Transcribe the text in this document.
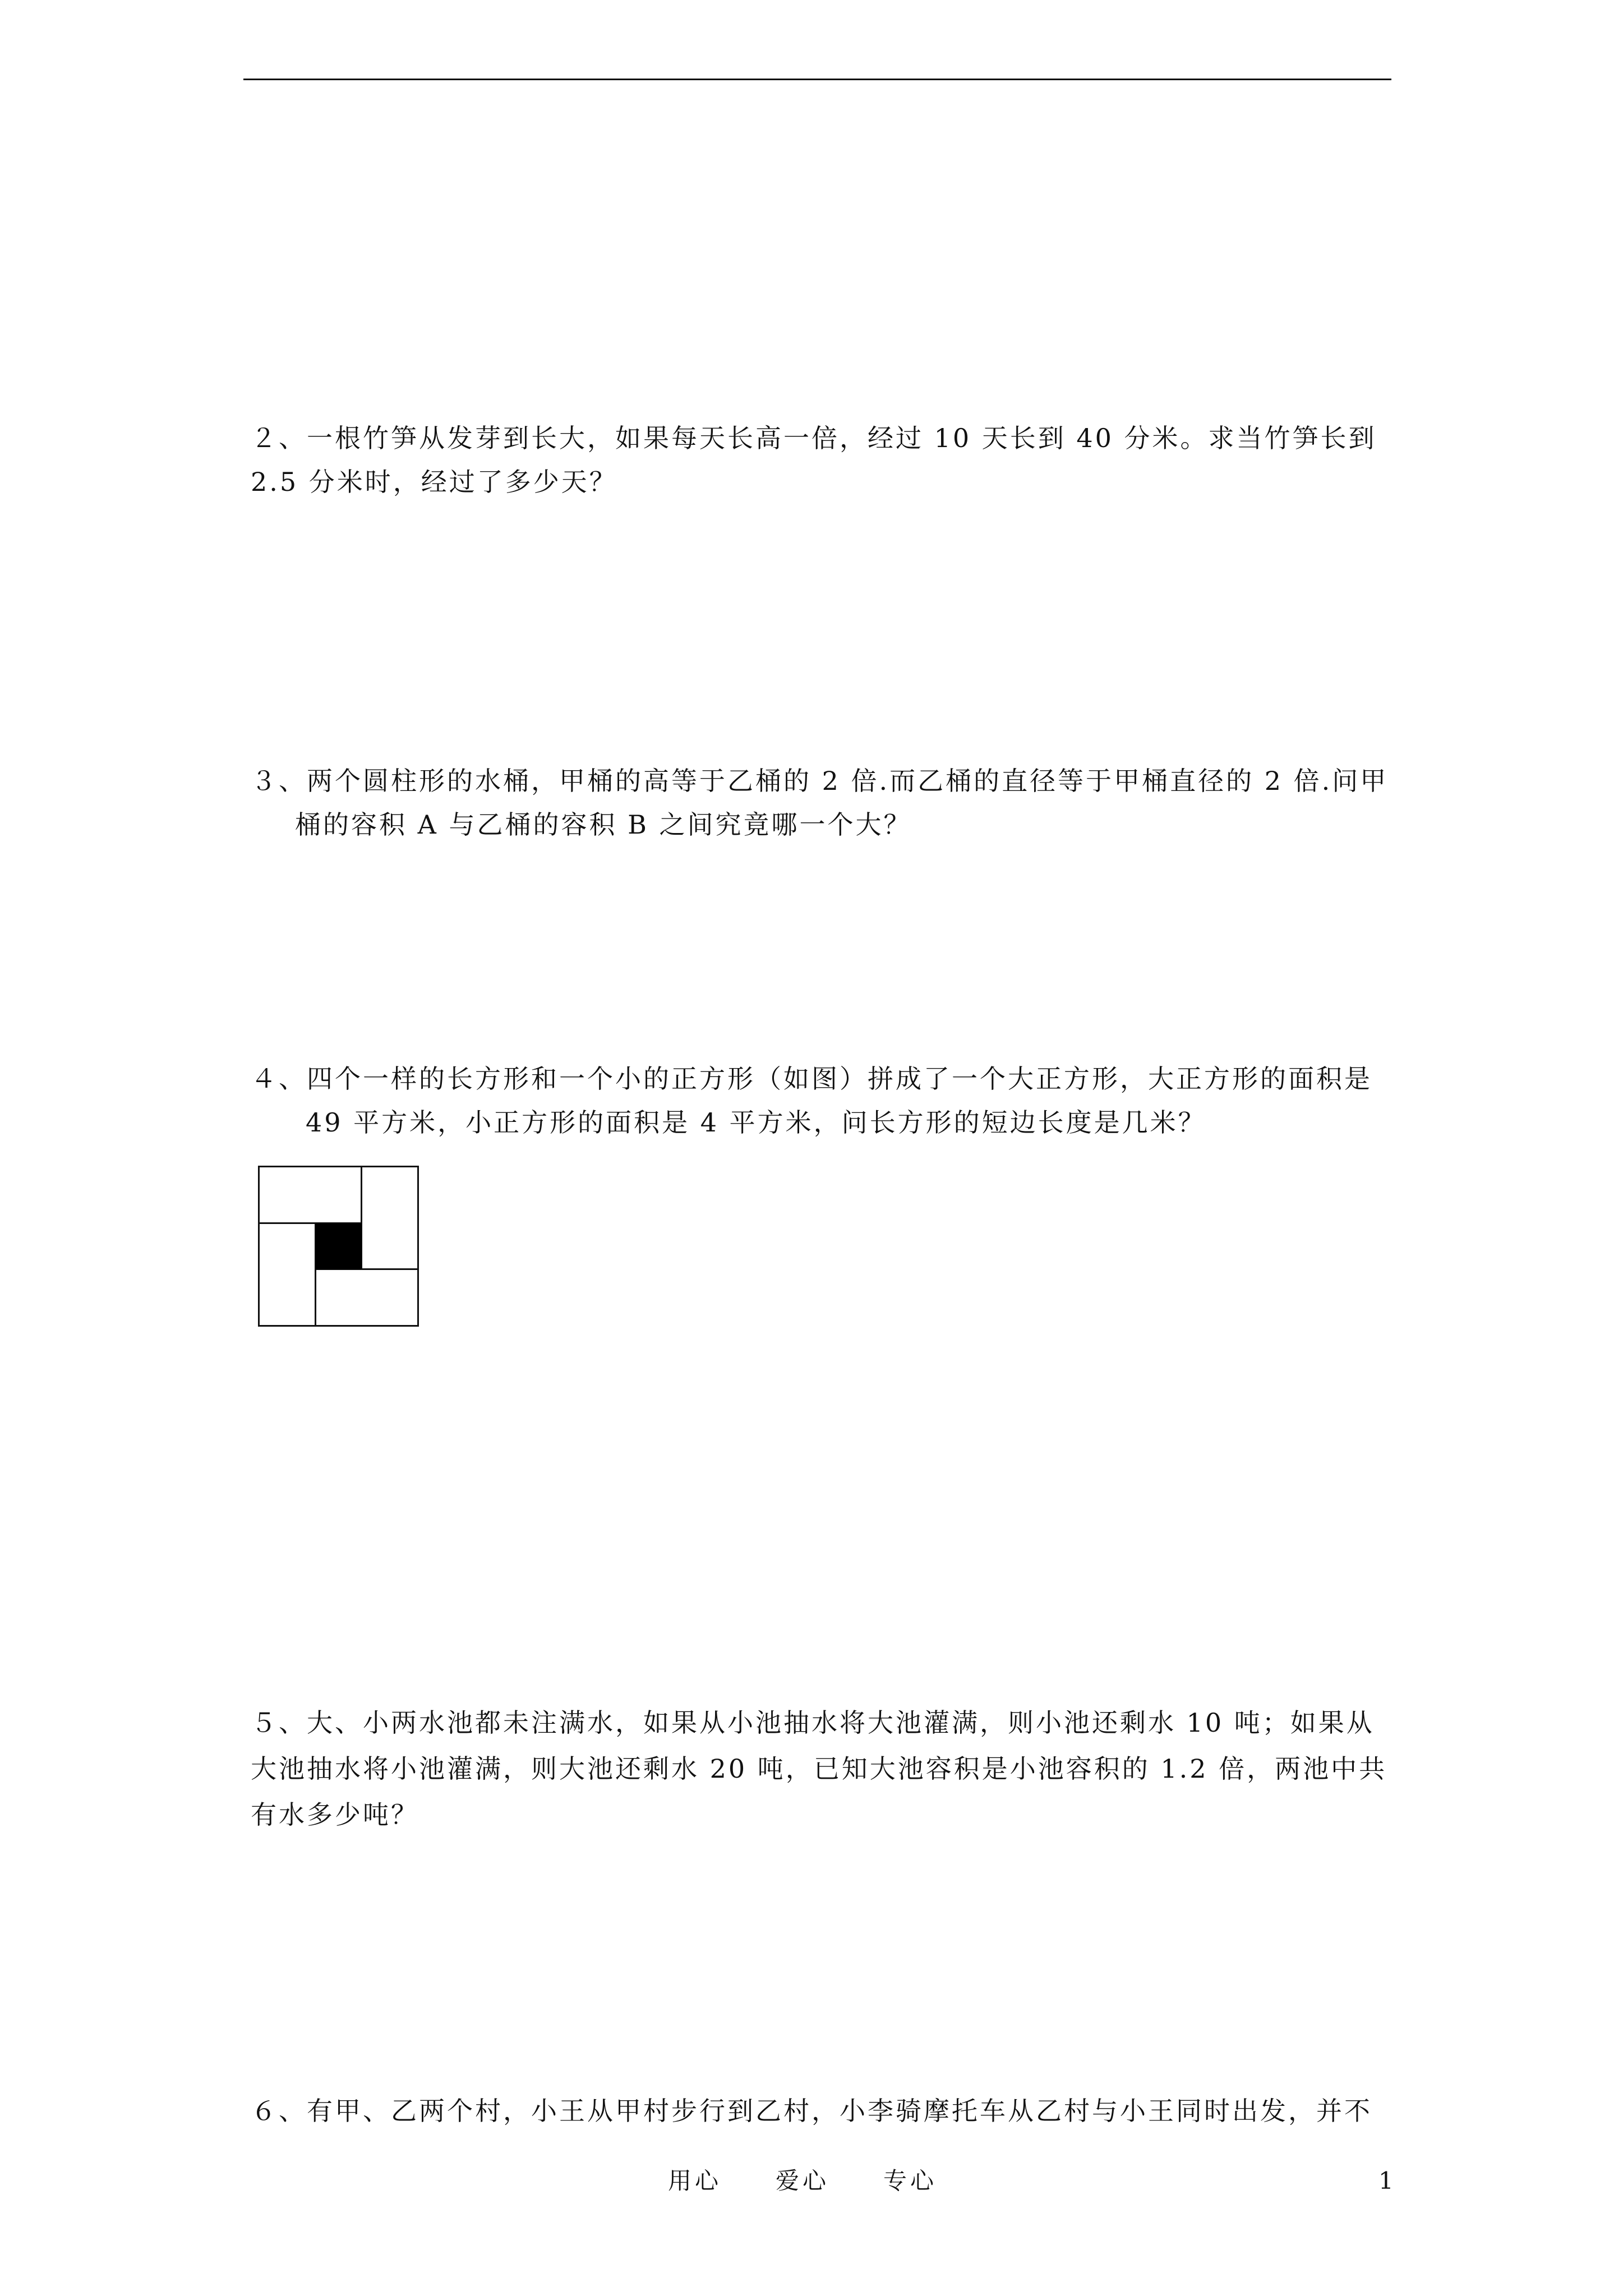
２、一根竹笋从发芽到长大，如果每天长高一倍，经过 10 天长到 40 分米。求当竹笋长到
2.5 分米时，经过了多少天？
３、两个圆柱形的水桶，甲桶的高等于乙桶的 2 倍.而乙桶的直径等于甲桶直径的 2 倍.问甲
桶的容积 A 与乙桶的容积 B 之间究竟哪一个大？
４、四个一样的长方形和一个小的正方形（如图）拼成了一个大正方形，大正方形的面积是
49 平方米，小正方形的面积是 4 平方米，问长方形的短边长度是几米？
５、大、小两水池都未注满水，如果从小池抽水将大池灌满，则小池还剩水 10 吨；如果从
大池抽水将小池灌满，则大池还剩水 20 吨，已知大池容积是小池容积的 1.2 倍，两池中共
有水多少吨？
６、有甲、乙两个村，小王从甲村步行到乙村，小李骑摩托车从乙村与小王同时出发，并不
用心　　爱心　　专心	1
